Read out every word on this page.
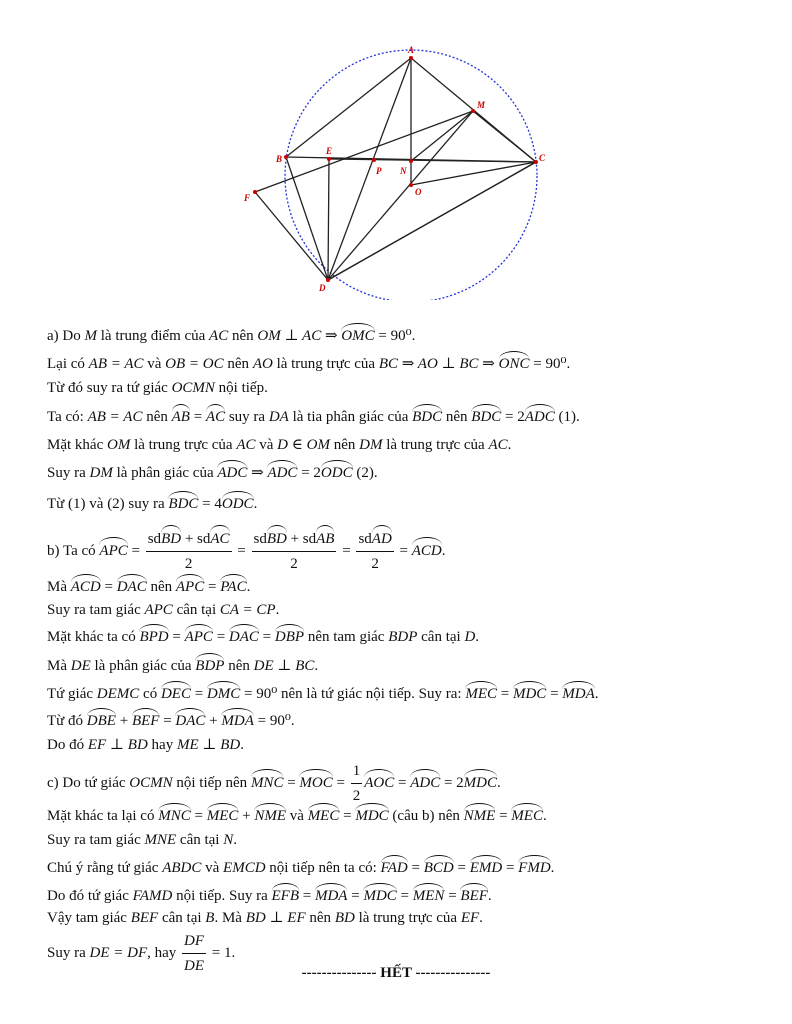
A
M
B
E
P N
C
O
F
D
a) Do M là trung điểm của AC nên OM ⊥ AC ⇒ OMC = 90⁰.
Lại có AB = AC và OB = OC nên AO là trung trực của BC ⇒ AO ⊥ BC ⇒ ONC = 90⁰.
Từ đó suy ra tứ giác OCMN nội tiếp.
Ta có: AB = AC nên AB = AC suy ra DA là tia phân giác của BDC nên BDC = 2ADC (1).
Mặt khác OM là trung trực của AC và D ∈ OM nên DM là trung trực của AC.
Suy ra DM là phân giác của ADC ⇒ ADC = 2ODC (2).
Từ (1) và (2) suy ra BDC = 4ODC.
b) Ta có APC = $\frac{\text{sdBD + sdAC}}{2} = \frac{\text{sdBD + sdAB}}{2} = \frac{\text{sdAD}}{2}$ = ACD.
Mà ACD = DAC nên APC = PAC.
Suy ra tam giác APC cân tại CA = CP.
Mặt khác ta có BPD = APC = DAC = DBP nên tam giác BDP cân tại D.
Mà DE là phân giác của BDP nên DE ⊥ BC.
Tứ giác DEMC có DEC = DMC = 90⁰ nên là tứ giác nội tiếp. Suy ra: MEC = MDC = MDA.
Từ đó DBE + BEF = DAC + MDA = 90⁰.
Do đó EF ⊥ BD hay ME ⊥ BD.
c) Do tứ giác OCMN nội tiếp nên MNC = MOC = $\frac{1}{2}$ AOC = ADC = 2MDC.
Mặt khác ta lại có MNC = MEC + NME và MEC = MDC (câu b) nên NME = MEC.
Suy ra tam giác MNE cân tại N.
Chú ý rằng tứ giác ABDC và EMCD nội tiếp nên ta có: FAD = BCD = EMD = FMD.
Do đó tứ giác FAMD nội tiếp. Suy ra EFB = MDA = MDC = MEN = BEF.
Vậy tam giác BEF cân tại B. Mà BD ⊥ EF nên BD là trung trực của EF.
Suy ra DE = DF, hay $\frac{DF}{DE} = 1$.
--------------- HẾT ---------------
